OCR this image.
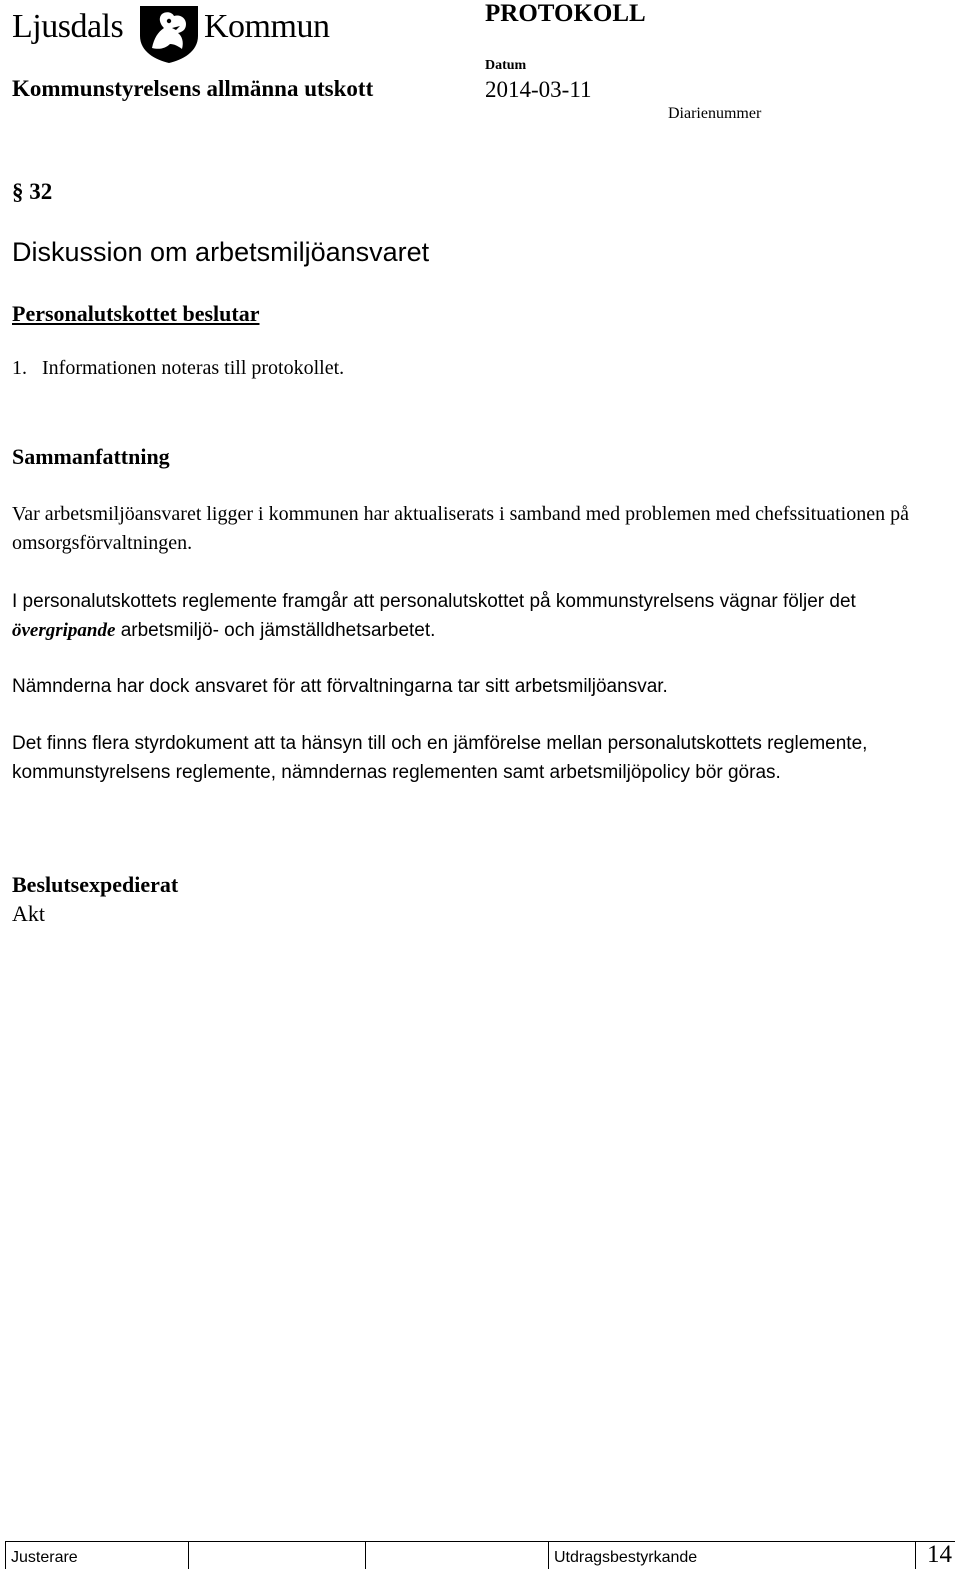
Ljusdals Kommun	PROTOKOLL
Kommunstyrelsens allmänna utskott
Datum
2014-03-11
Diarienummer
§ 32
Diskussion om arbetsmiljöansvaret
Personalutskottet beslutar
1.   Informationen noteras till protokollet.
Sammanfattning
Var arbetsmiljöansvaret ligger i kommunen har aktualiserats i samband med problemen med chefssituationen på omsorgsförvaltningen.
I personalutskottets reglemente framgår att personalutskottet på kommunstyrelsens vägnar följer det övergripande arbetsmiljö- och jämställdhetsarbetet.
Nämnderna har dock ansvaret för att förvaltningarna tar sitt arbetsmiljöansvar.
Det finns flera styrdokument att ta hänsyn till och en jämförelse mellan personalutskottets reglemente, kommunstyrelsens reglemente, nämndernas reglementen samt arbetsmiljöpolicy bör göras.
Beslutsexpedierat
Akt
Justerare	Utdragsbestyrkande	14
